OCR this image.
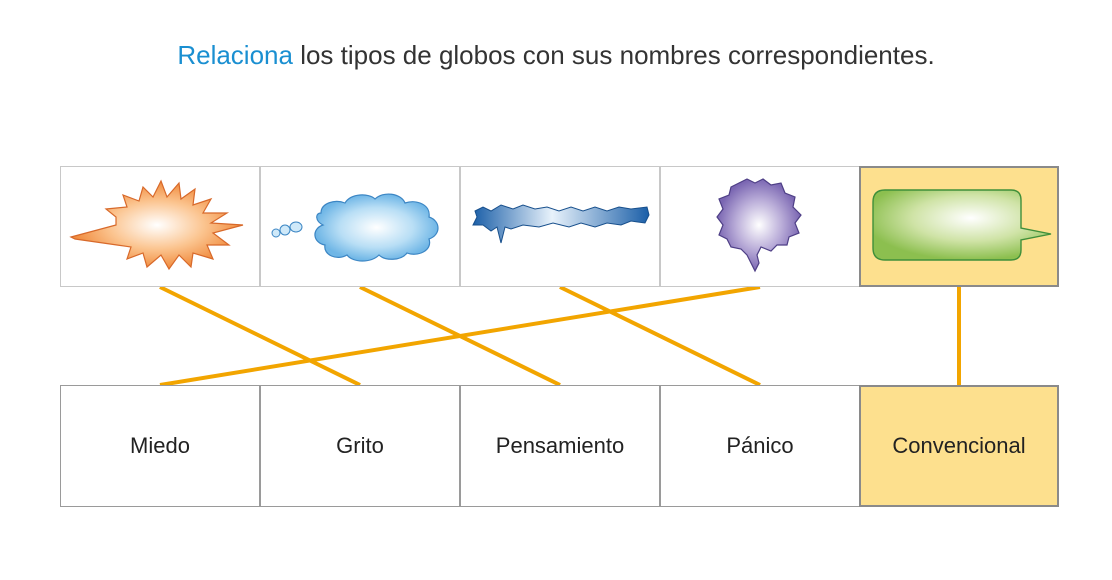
Relaciona los tipos de globos con sus nombres correspondientes.
Miedo	Grito	Pensamiento	Pánico	Convencional
